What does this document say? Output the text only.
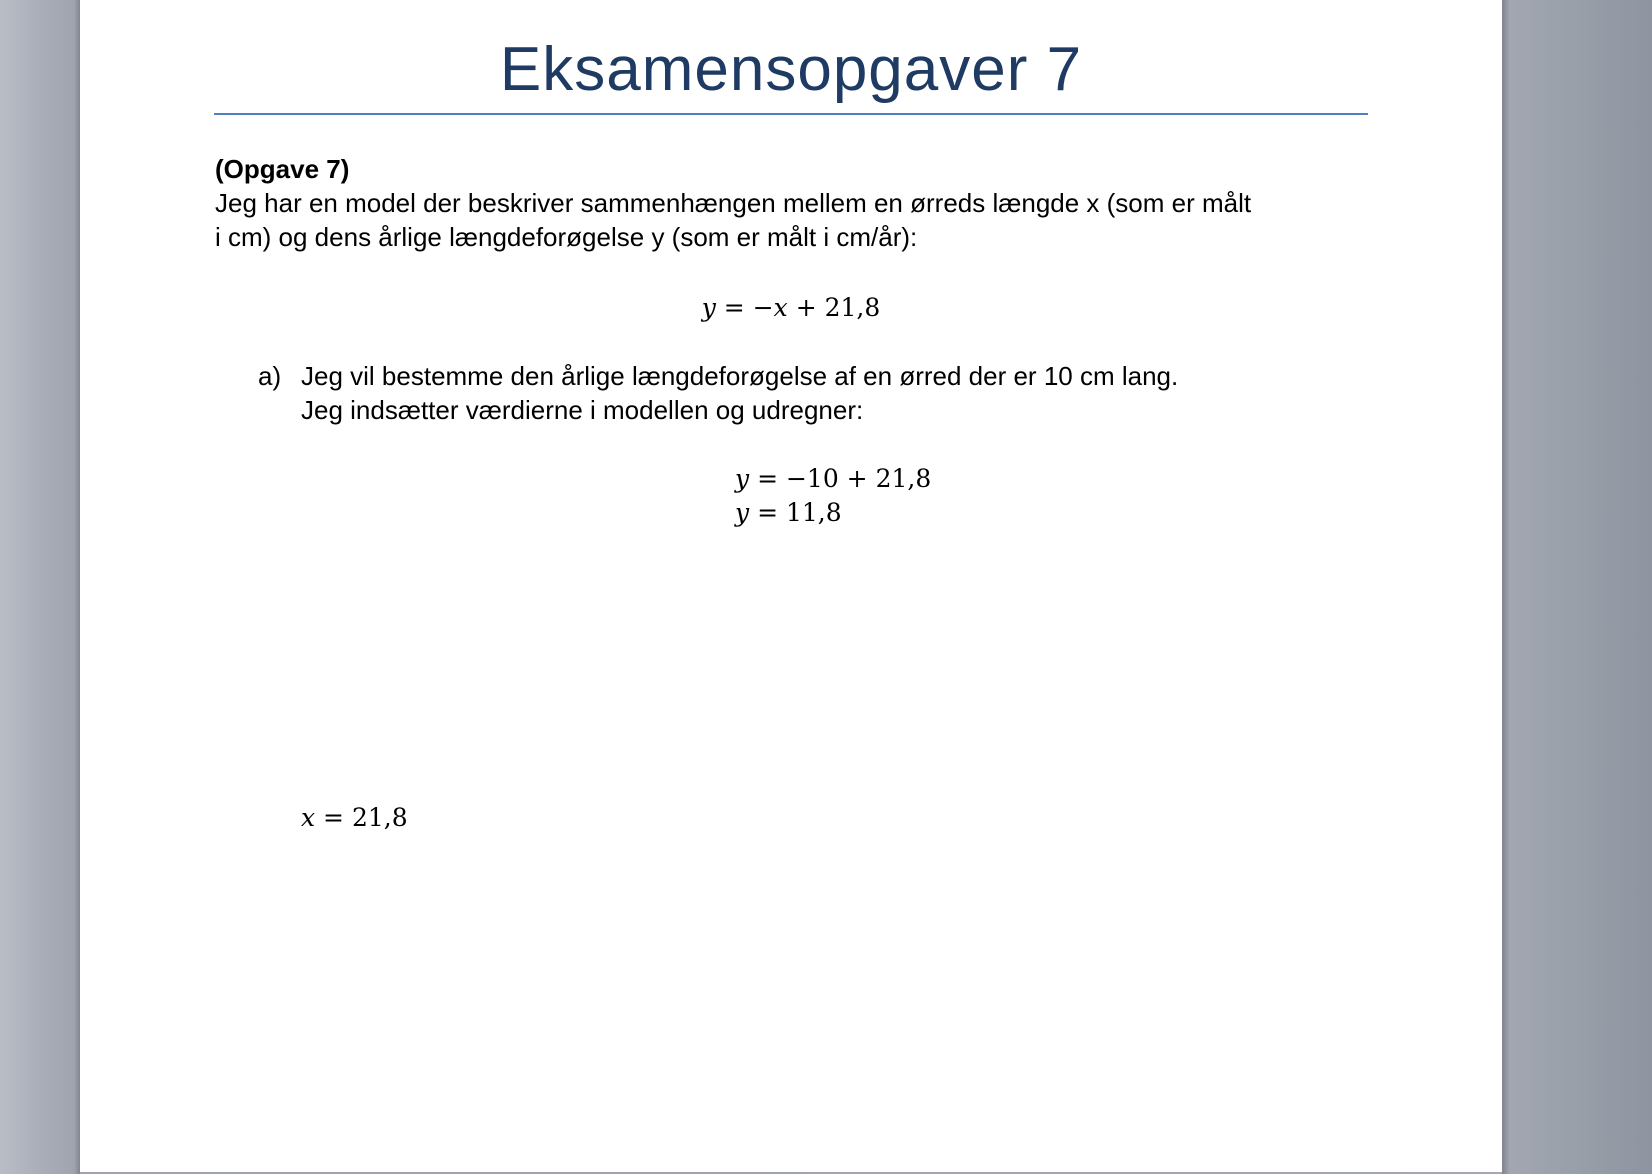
Eksamensopgaver 7
(Opgave 7)
Jeg har en model der beskriver sammenhængen mellem en ørreds længde x (som er målt
i cm) og dens årlige længdeforøgelse y (som er målt i cm/år):
𝑦 = −𝑥 + 21,8
a) Jeg vil bestemme den årlige længdeforøgelse af en ørred der er 10 cm lang.
Jeg indsætter værdierne i modellen og udregner:
𝑦 = −10 + 21,8
𝑦 = 11,8
𝑥 = 21,8
